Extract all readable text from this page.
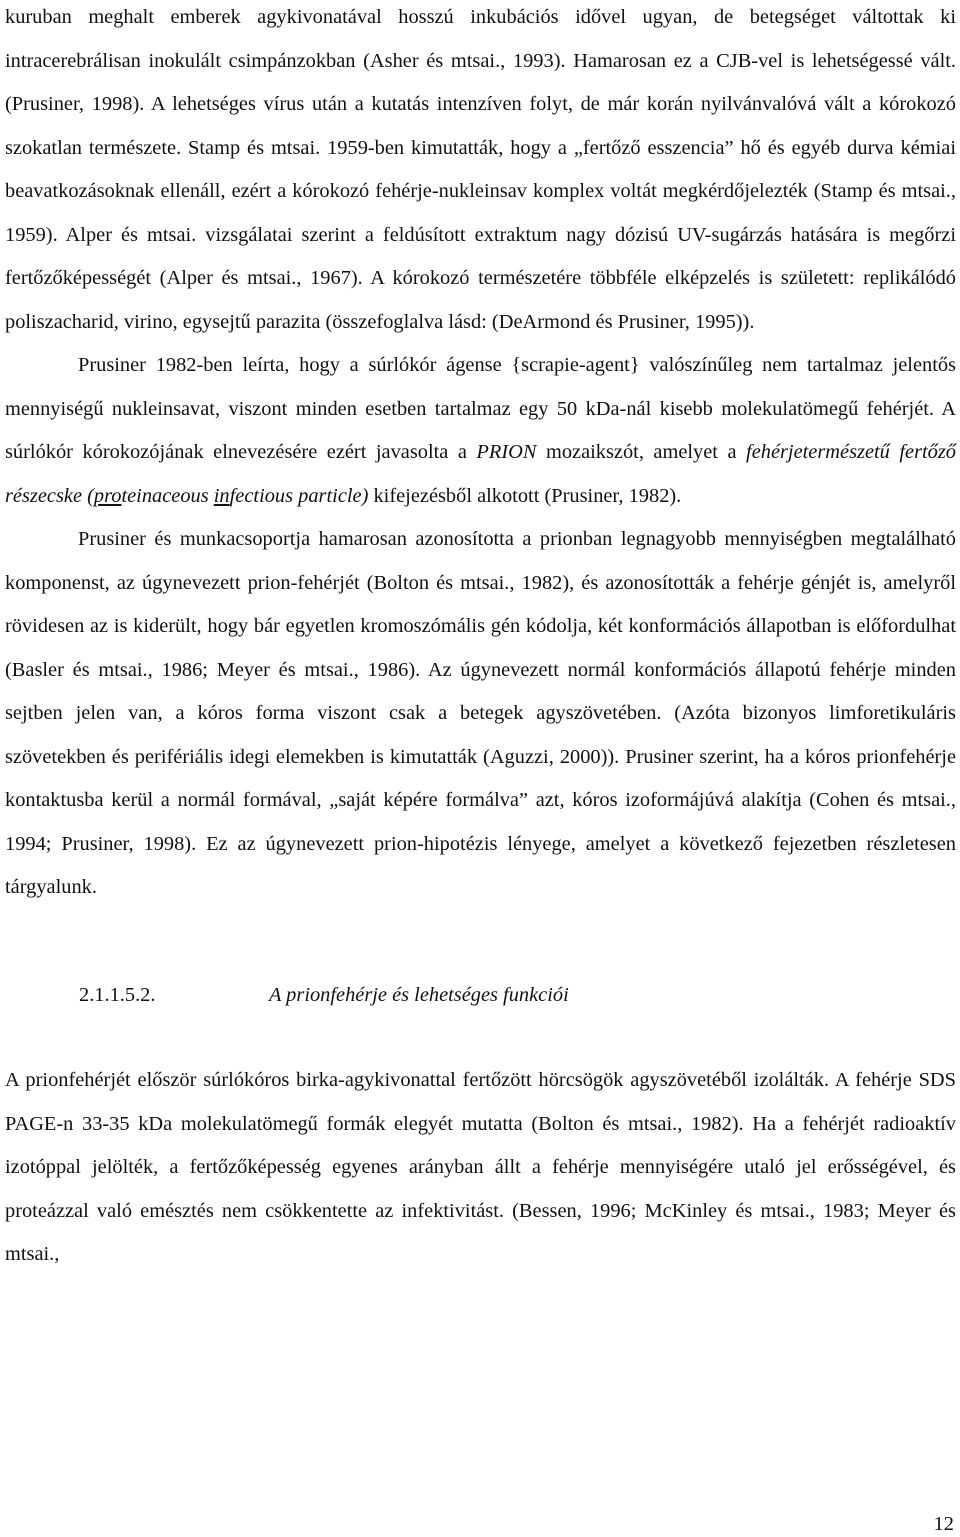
kuruban meghalt emberek agykivonatával hosszú inkubációs idővel ugyan, de betegséget váltottak ki intracerebrálisan inokulált csimpánzokban (Asher és mtsai., 1993). Hamarosan ez a CJB-vel is lehetségessé vált. (Prusiner, 1998). A lehetséges vírus után a kutatás intenzíven folyt, de már korán nyilvánvalóvá vált a kórokozó szokatlan természete. Stamp és mtsai. 1959-ben kimutatták, hogy a „fertőző esszencia” hő és egyéb durva kémiai beavatkozásoknak ellenáll, ezért a kórokozó fehérje-nukleinsav komplex voltát megkérdőjelezték (Stamp és mtsai., 1959). Alper és mtsai. vizsgálatai szerint a feldúsított extraktum nagy dózisú UV-sugárzás hatására is megőrzi fertőzőképességét (Alper és mtsai., 1967). A kórokozó természetére többféle elképzelés is született: replikálódó poliszacharid, virino, egysejtű parazita (összefoglalva lásd: (DeArmond és Prusiner, 1995)).

Prusiner 1982-ben leírta, hogy a súrlókór ágense {scrapie-agent} valószínűleg nem tartalmaz jelentős mennyiségű nukleinsavat, viszont minden esetben tartalmaz egy 50 kDa-nál kisebb molekulatömegű fehérjét. A súrlókór kórokozójának elnevezésére ezért javasolta a PRION mozaikszót, amelyet a fehérjetermészetű fertőző részecske (proteinaceous infectious particle) kifejezésből alkotott (Prusiner, 1982).

Prusiner és munkacsoportja hamarosan azonosította a prionban legnagyobb mennyiségben megtalálható komponenst, az úgynevezett prion-fehérjét (Bolton és mtsai., 1982), és azonosították a fehérje génjét is, amelyről rövidesen az is kiderült, hogy bár egyetlen kromoszómális gén kódolja, két konformációs állapotban is előfordulhat (Basler és mtsai., 1986; Meyer és mtsai., 1986). Az úgynevezett normál konformációs állapotú fehérje minden sejtben jelen van, a kóros forma viszont csak a betegek agyszövetében. (Azóta bizonyos limforetikuláris szövetekben és perifériális idegi elemekben is kimutatták (Aguzzi, 2000)). Prusiner szerint, ha a kóros prionfehérje kontaktusba kerül a normál formával, „saját képére formálva” azt, kóros izoformájúvá alakítja (Cohen és mtsai., 1994; Prusiner, 1998). Ez az úgynevezett prion-hipotézis lényege, amelyet a következő fejezetben részletesen tárgyalunk.

2.1.1.5.2.	A prionfehérje és lehetséges funkciói

A prionfehérjét először súrlókóros birka-agykivonattal fertőzött hörcsögök agyszövetéből izolálták. A fehérje SDS PAGE-n 33-35 kDa molekulatömegű formák elegyét mutatta (Bolton és mtsai., 1982). Ha a fehérjét radioaktív izotóppal jelölték, a fertőzőképesség egyenes arányban állt a fehérje mennyiségére utaló jel erősségével, és proteázzal való emésztés nem csökkentette az infektivitást. (Bessen, 1996; McKinley és mtsai., 1983; Meyer és mtsai.,

12
